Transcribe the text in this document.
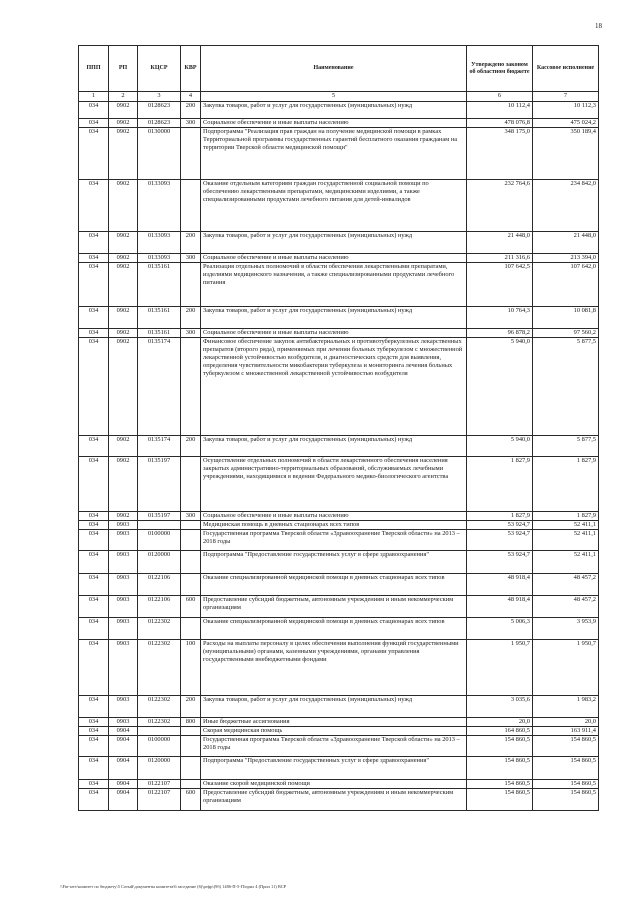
18
ППП	РП	КЦСР	КВР	Наименование	Утверждено законом об областном бюджете	Кассовое исполнение
1	2	3	4	5	6	7
034	0902	0128623	200	Закупка товаров, работ и услуг для государственных (муниципальных) нужд	10 112,4	10 112,3
034	0902	0128623	300	Социальное обеспечение и иные выплаты населению	478 076,8	475 024,2
034	0902	0130000		Подпрограмма "Реализация прав граждан на получение медицинской помощи в рамках Территориальной программы государственных гарантий бесплатного оказания гражданам на территории Тверской области медицинской помощи"	348 175,0	350 189,4
034	0902	0133093		Оказание отдельным категориям граждан государственной социальной помощи по обеспечению лекарственными препаратами, медицинскими изделиями, а также специализированными продуктами лечебного питания для детей-инвалидов	232 764,6	234 842,0
034	0902	0133093	200	Закупка товаров, работ и услуг для государственных (муниципальных) нужд	21 448,0	21 448,0
034	0902	0133093	300	Социальное обеспечение и иные выплаты населению	211 316,6	213 394,0
034	0902	0135161		Реализация отдельных полномочий в области обеспечения лекарственными препаратами, изделиями медицинского назначения, а также специализированными продуктами лечебного питания	107 642,5	107 642,0
034	0902	0135161	200	Закупка товаров, работ и услуг для государственных (муниципальных) нужд	10 764,3	10 081,8
034	0902	0135161	300	Социальное обеспечение и иные выплаты населению	96 878,2	97 560,2
034	0902	0135174		Финансовое обеспечение закупок антибактериальных и противотуберкулезных лекарственных препаратов (второго ряда), применяемых при лечении больных туберкулезом с множественной лекарственной устойчивостью возбудителя, и диагностических средств для выявления, определения чувствительности микобактерии туберкулеза и мониторинга лечения больных туберкулезом с множественной лекарственной устойчивостью возбудителя	5 940,0	5 877,5
034	0902	0135174	200	Закупка товаров, работ и услуг для государственных (муниципальных) нужд	5 940,0	5 877,5
034	0902	0135197		Осуществление отдельных полномочий в области лекарственного обеспечения населения закрытых административно-территориальных образований, обслуживаемых лечебными учреждениями, находящимися в ведении Федерального медико-биологического агентства	1 827,9	1 827,9
034	0902	0135197	300	Социальное обеспечение и иные выплаты населению	1 827,9	1 827,9
034	0903			Медицинская помощь в дневных стационарах всех типов	53 924,7	52 411,1
034	0903	0100000		Государственная программа Тверской области «Здравоохранение Тверской области» на 2013 – 2018 годы	53 924,7	52 411,1
034	0903	0120000		Подпрограмма "Предоставление государственных услуг в сфере здравоохранения"	53 924,7	52 411,1
034	0903	0122106		Оказание специализированной медицинской помощи в дневных стационарах всех типов	48 918,4	48 457,2
034	0903	0122106	600	Предоставление субсидий бюджетным, автономным учреждениям и иным некоммерческим организациям	48 918,4	48 457,2
034	0903	0122302		Оказание специализированной медицинской помощи в дневных стационарах всех типов	5 006,3	3 953,9
034	0903	0122302	100	Расходы на выплаты персоналу в целях обеспечения выполнения функций государственными (муниципальными) органами, казенными учреждениями, органами управления государственными внебюджетными фондами	1 950,7	1 950,7
034	0903	0122302	200	Закупка товаров, работ и услуг для государственных (муниципальных) нужд	3 035,6	1 983,2
034	0903	0122302	800	Иные бюджетные ассигнования	20,0	20,0
034	0904			Скорая медицинская помощь	164 860,5	163 911,4
034	0904	0100000		Государственная программа Тверской области «Здравоохранение Тверской области» на 2013 – 2018 годы	154 860,5	154 860,5
034	0904	0120000		Подпрограмма "Предоставление государственных услуг в сфере здравоохранения"	154 860,5	154 860,5
034	0904	0122107		Оказание скорой медицинской помощи	154 860,5	154 860,5
034	0904	0122107	600	Предоставление субсидий бюджетным, автономным учреждениям и иным некоммерческим организациям	154 860,5	154 860,5
\\Fin-serv\комитет по бюджету\5 Сотый\документы комитета\6 заседание (6)\ргфр\(9б) 1486-П-5-П\прил 4 (Прил 11) ВСР
